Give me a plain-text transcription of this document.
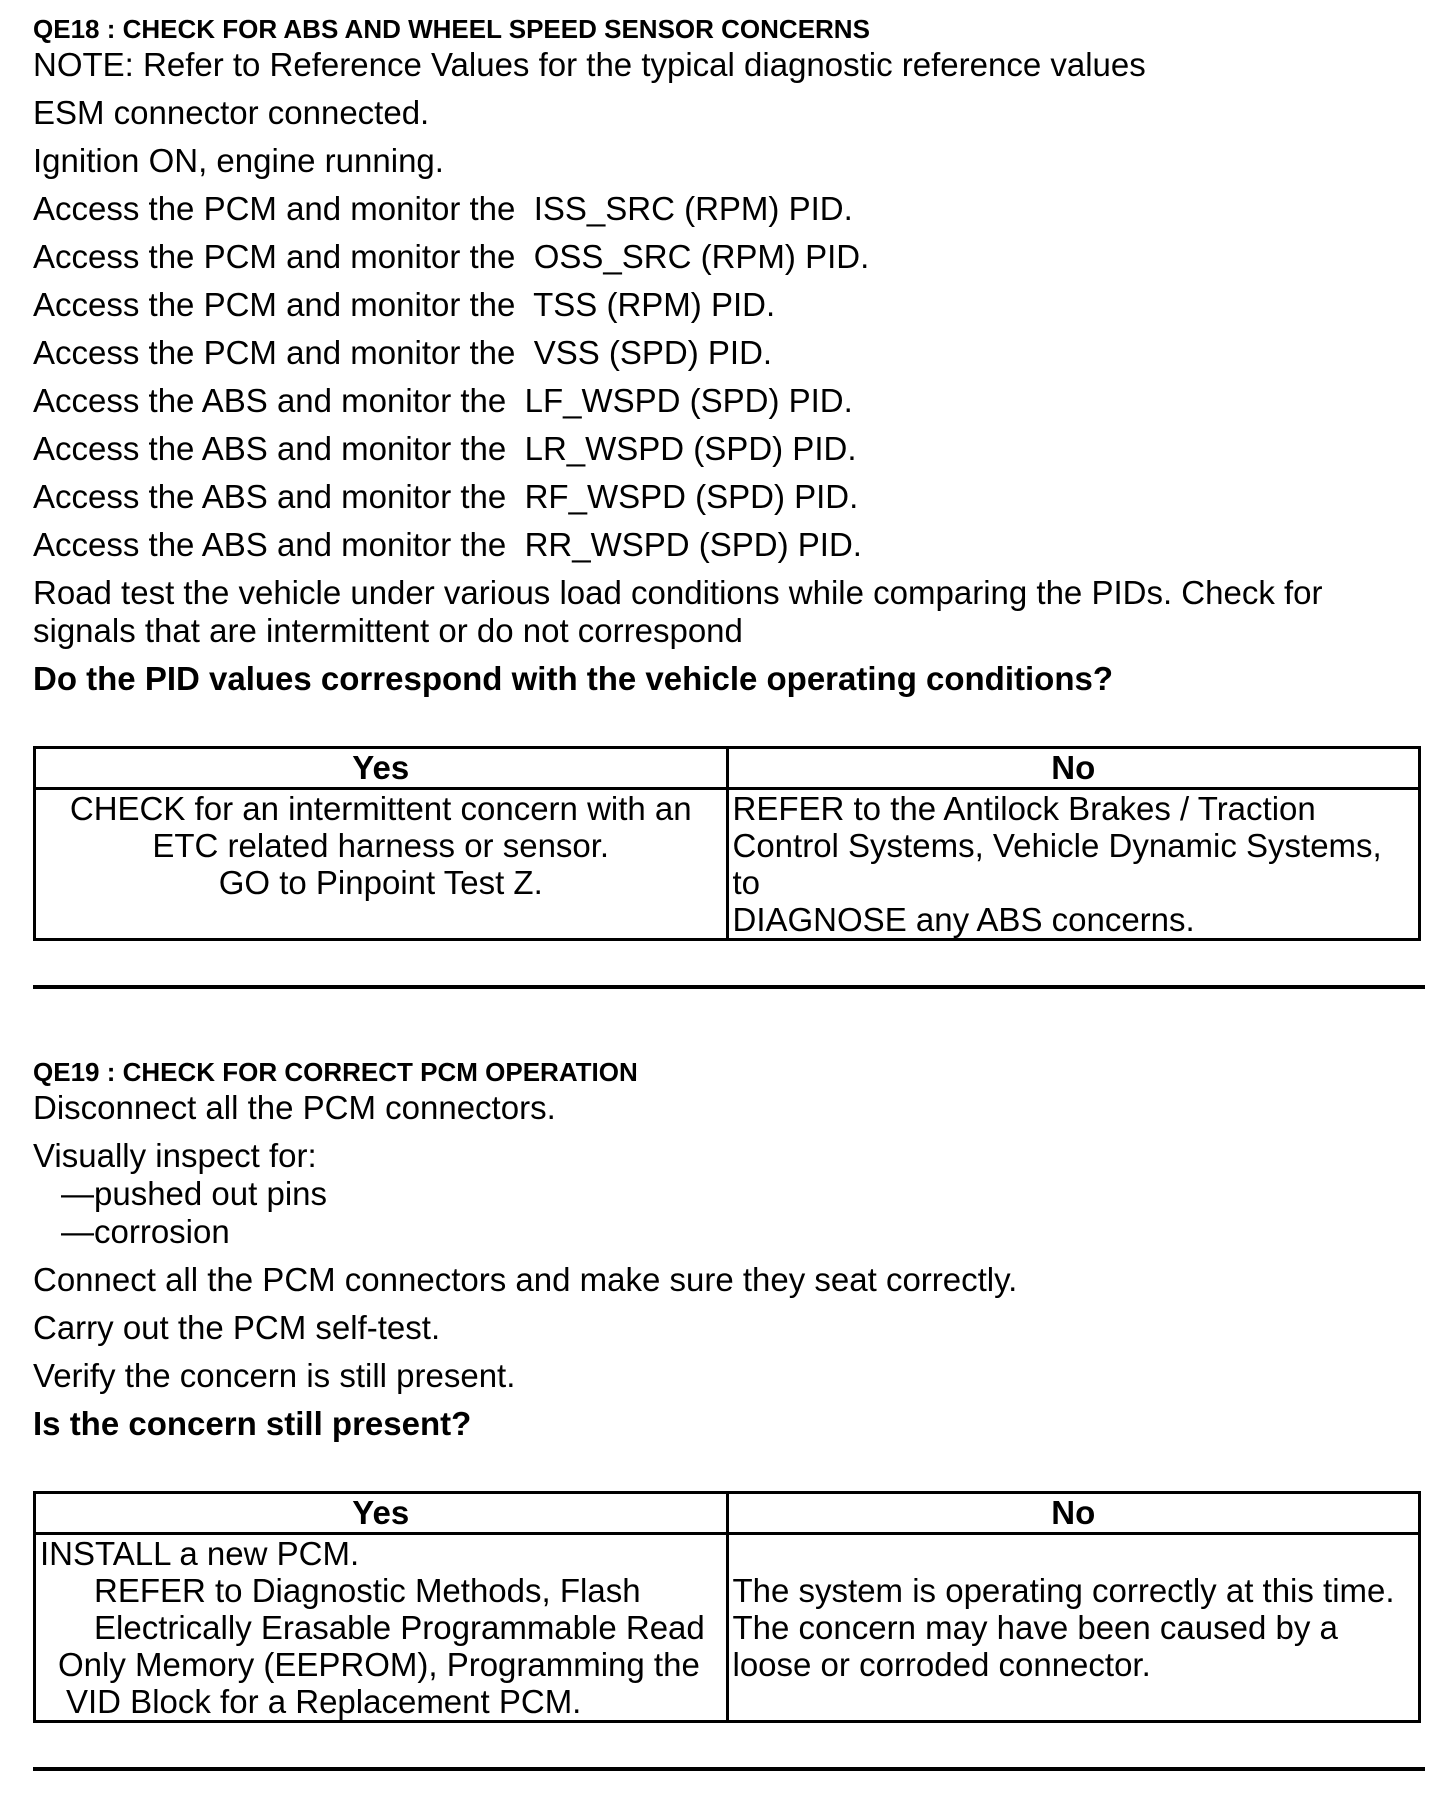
QE18 : CHECK FOR ABS AND WHEEL SPEED SENSOR CONCERNS

NOTE: Refer to Reference Values for the typical diagnostic reference values

ESM connector connected.

Ignition ON, engine running.

Access the PCM and monitor the  ISS_SRC (RPM) PID.

Access the PCM and monitor the  OSS_SRC (RPM) PID.

Access the PCM and monitor the  TSS (RPM) PID.

Access the PCM and monitor the  VSS (SPD) PID.

Access the ABS and monitor the  LF_WSPD (SPD) PID.

Access the ABS and monitor the  LR_WSPD (SPD) PID.

Access the ABS and monitor the  RF_WSPD (SPD) PID.

Access the ABS and monitor the  RR_WSPD (SPD) PID.

Road test the vehicle under various load conditions while comparing the PIDs. Check for

signals that are intermittent or do not correspond

Do the PID values correspond with the vehicle operating conditions?

Yes	No

CHECK for an intermittent concern with an
ETC related harness or sensor.
GO to Pinpoint Test Z.	REFER to the Antilock Brakes / Traction
Control Systems, Vehicle Dynamic Systems, to
DIAGNOSE any ABS concerns.

QE19 : CHECK FOR CORRECT PCM OPERATION

Disconnect all the PCM connectors.

Visually inspect for:

—pushed out pins

—corrosion

Connect all the PCM connectors and make sure they seat correctly.

Carry out the PCM self-test.

Verify the concern is still present.

Is the concern still present?

Yes	No

INSTALL a new PCM.
REFER to Diagnostic Methods, Flash
Electrically Erasable Programmable Read
Only Memory (EEPROM), Programming the
VID Block for a Replacement PCM.	The system is operating correctly at this time.
The concern may have been caused by a
loose or corroded connector.
